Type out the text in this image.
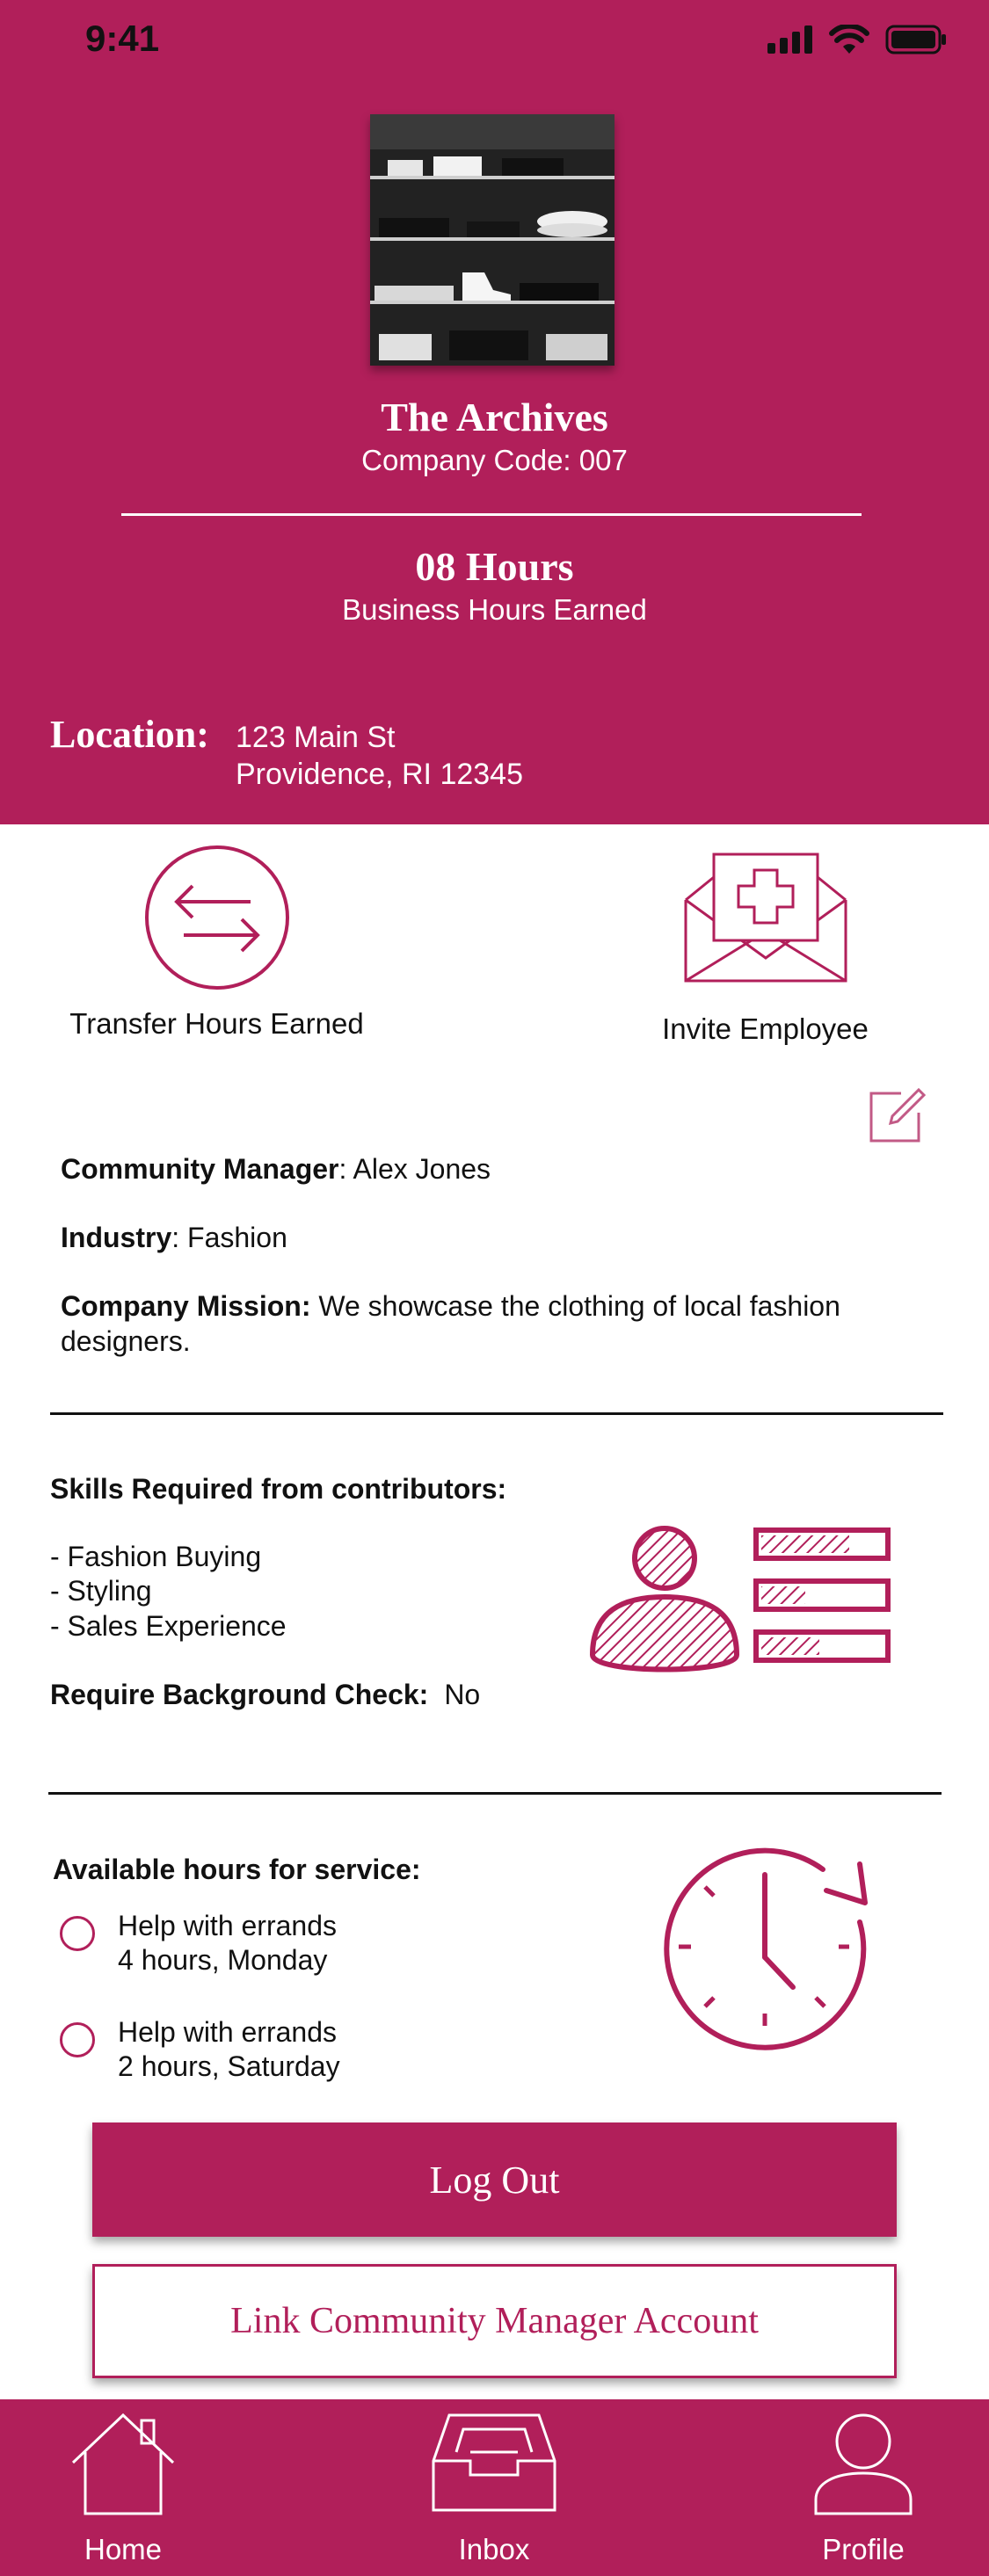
9:41
The Archives
Company Code: 007
08 Hours
Business Hours Earned
Location: 123 Main St
Providence, RI 12345
Transfer Hours Earned	Invite Employee
Community Manager: Alex Jones
Industry: Fashion
Company Mission: We showcase the clothing of local fashion designers.
Skills Required from contributors:
- Fashion Buying
- Styling
- Sales Experience
Require Background Check: No
Available hours for service:
Help with errands
4 hours, Monday
Help with errands
2 hours, Saturday
Log Out
Link Community Manager Account
Home	Inbox	Profile
